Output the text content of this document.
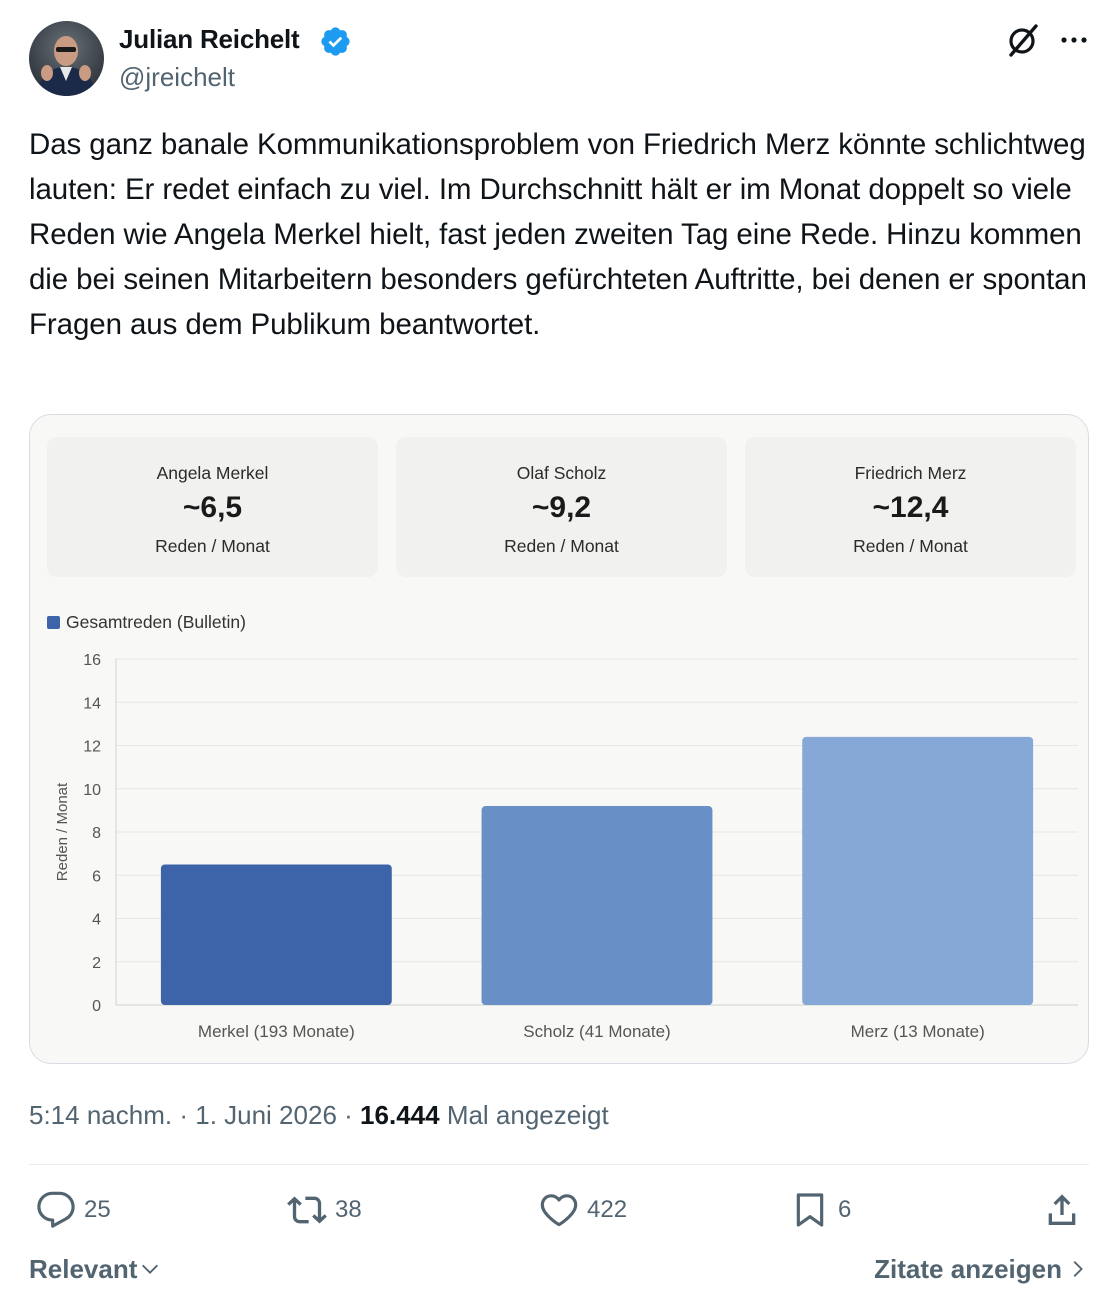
Julian Reichelt
@jreichelt

Das ganz banale Kommunikationsproblem von Friedrich Merz könnte schlichtweg lauten: Er redet einfach zu viel. Im Durchschnitt hält er im Monat doppelt so viele Reden wie Angela Merkel hielt, fast jeden zweiten Tag eine Rede. Hinzu kommen die bei seinen Mitarbeitern besonders gefürchteten Auftritte, bei denen er spontan Fragen aus dem Publikum beantwortet.

Angela Merkel
~6,5
Reden / Monat
Olaf Scholz
~9,2
Reden / Monat
Friedrich Merz
~12,4
Reden / Monat
Gesamtreden (Bulletin)
0
2
4
6
8
10
12
14
16
Reden / Monat
Merkel (193 Monate)	Scholz (41 Monate)	Merz (13 Monate)
5:14 nachm. · 1. Juni 2026 · 16.444 Mal angezeigt
25	38	422	6
Relevant	Zitate anzeigen
